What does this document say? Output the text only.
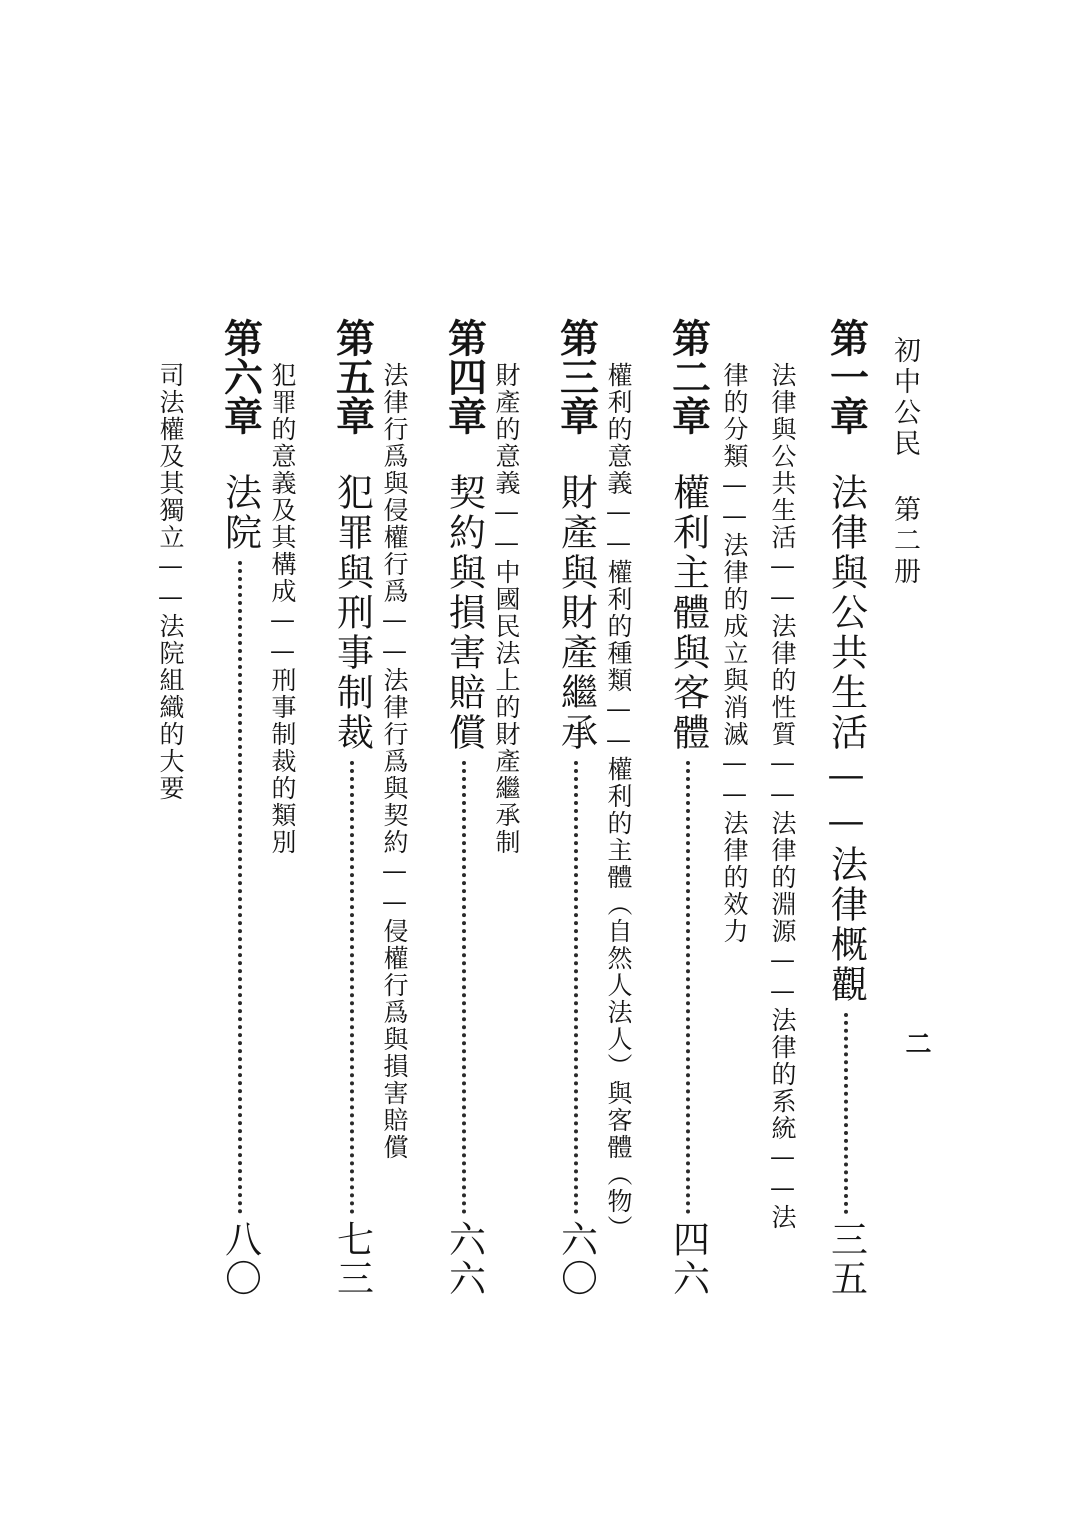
初中公民 第二册

二

第一章
法律與公共生活——法律概觀
三五

法律與公共生活——法律的性質——法律的淵源——法律的系統——法

律的分類——法律的成立與消滅——法律的效力

第二章
權利主體與客體
四六

權利的意義——權利的種類——權利的主體（自然人法人）與客體（物）

第三章
財產與財產繼承
六〇

財產的意義——中國民法上的財產繼承制

第四章
契約與損害賠償
六六

法律行爲與侵權行爲——法律行爲與契約——侵權行爲與損害賠償

第五章
犯罪與刑事制裁
七三

犯罪的意義及其構成——刑事制裁的類別

第六章
法院
八〇

司法權及其獨立——法院組織的大要
